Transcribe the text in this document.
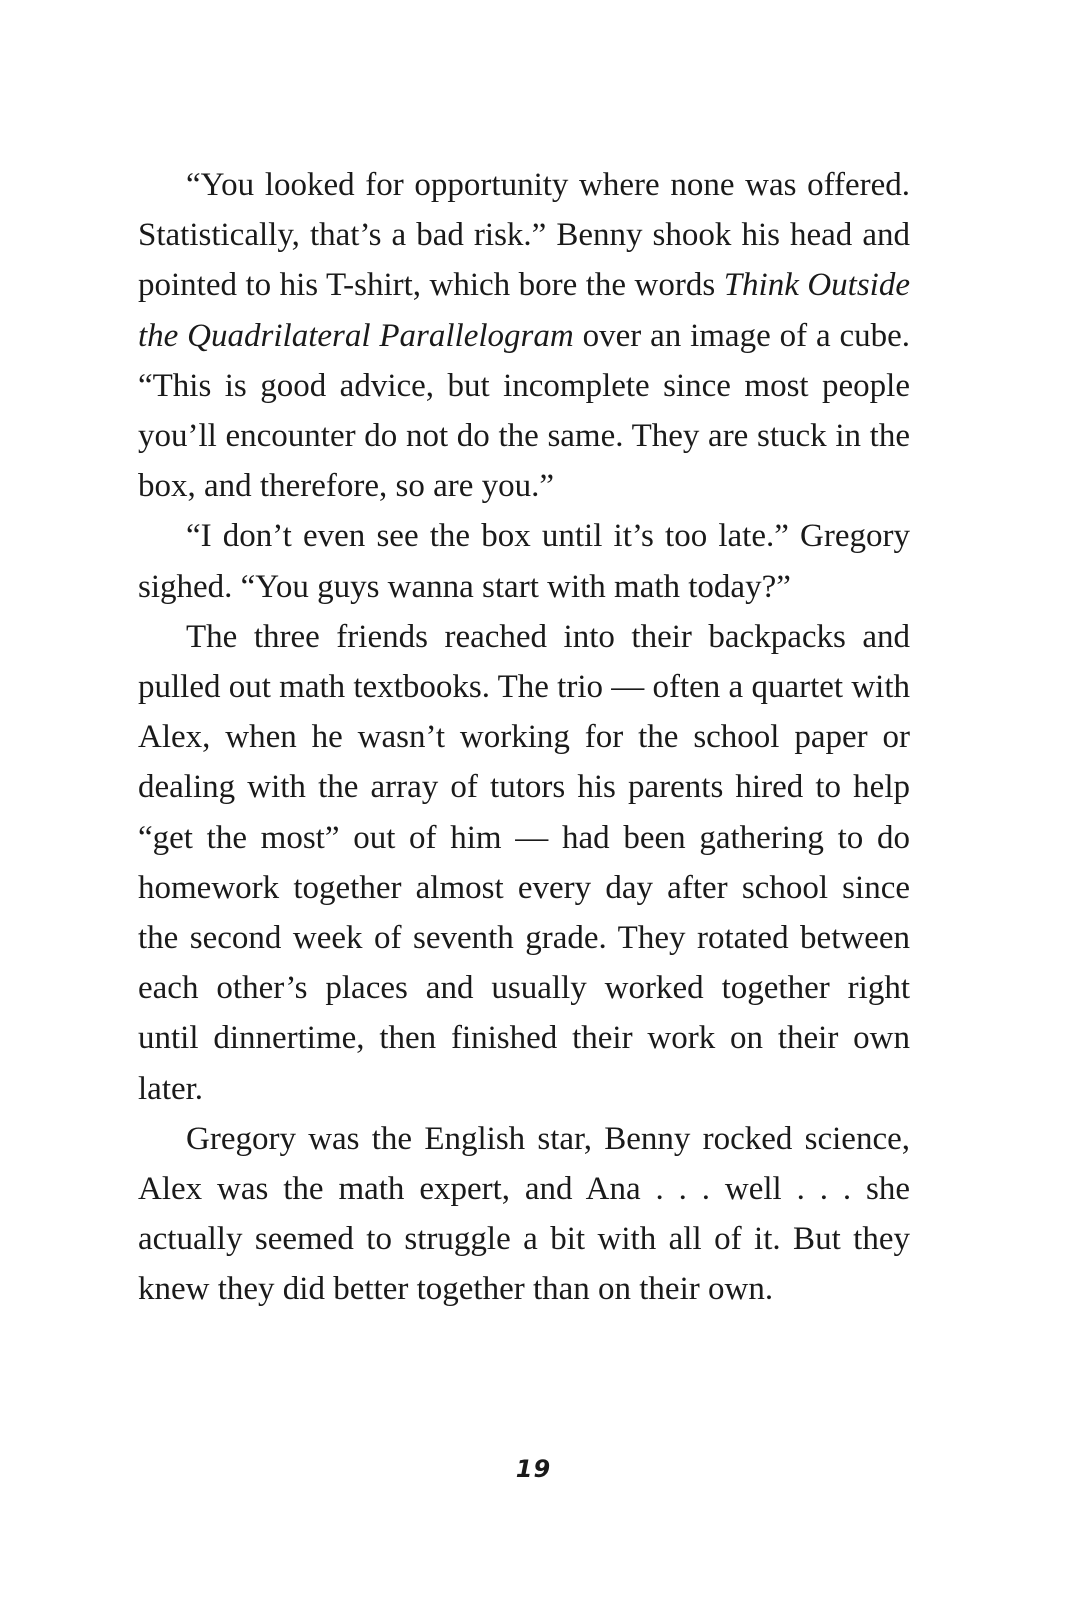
“You looked for opportunity where none was offered. Statistically, that’s a bad risk.” Benny shook his head and pointed to his T-shirt, which bore the words Think Outside the Quadrilateral Parallelogram over an image of a cube. “This is good advice, but incomplete since most people you’ll encounter do not do the same. They are stuck in the box, and therefore, so are you.”

“I don’t even see the box until it’s too late.” Gregory sighed. “You guys wanna start with math today?”

The three friends reached into their backpacks and pulled out math textbooks. The trio — often a quartet with Alex, when he wasn’t working for the school paper or dealing with the array of tutors his parents hired to help “get the most” out of him — had been gathering to do homework together almost every day after school since the second week of seventh grade. They rotated between each other’s places and usually worked together right until dinnertime, then finished their work on their own later.

Gregory was the English star, Benny rocked science, Alex was the math expert, and Ana . . . well . . . she actually seemed to struggle a bit with all of it. But they knew they did better together than on their own.

19
